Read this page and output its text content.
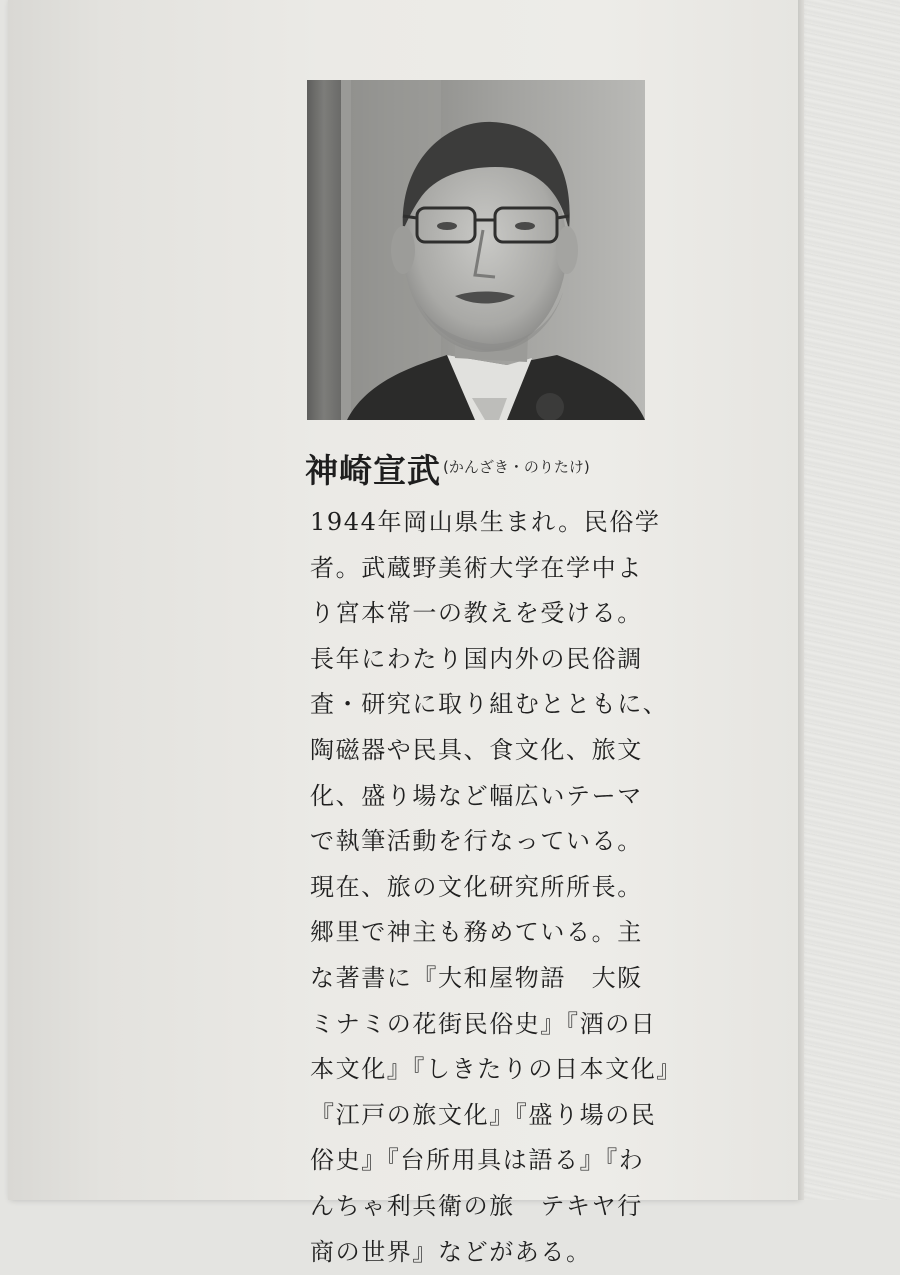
神崎宣武 (かんざき・のりたけ)
1944年岡山県生まれ。民俗学
者。武蔵野美術大学在学中よ
り宮本常一の教えを受ける。
長年にわたり国内外の民俗調
査・研究に取り組むとともに、
陶磁器や民具、食文化、旅文
化、盛り場など幅広いテーマ
で執筆活動を行なっている。
現在、旅の文化研究所所長。
郷里で神主も務めている。主
な著書に『大和屋物語　大阪
ミナミの花街民俗史』『酒の日
本文化』『しきたりの日本文化』
『江戸の旅文化』『盛り場の民
俗史』『台所用具は語る』『わ
んちゃ利兵衛の旅　テキヤ行
商の世界』などがある。
